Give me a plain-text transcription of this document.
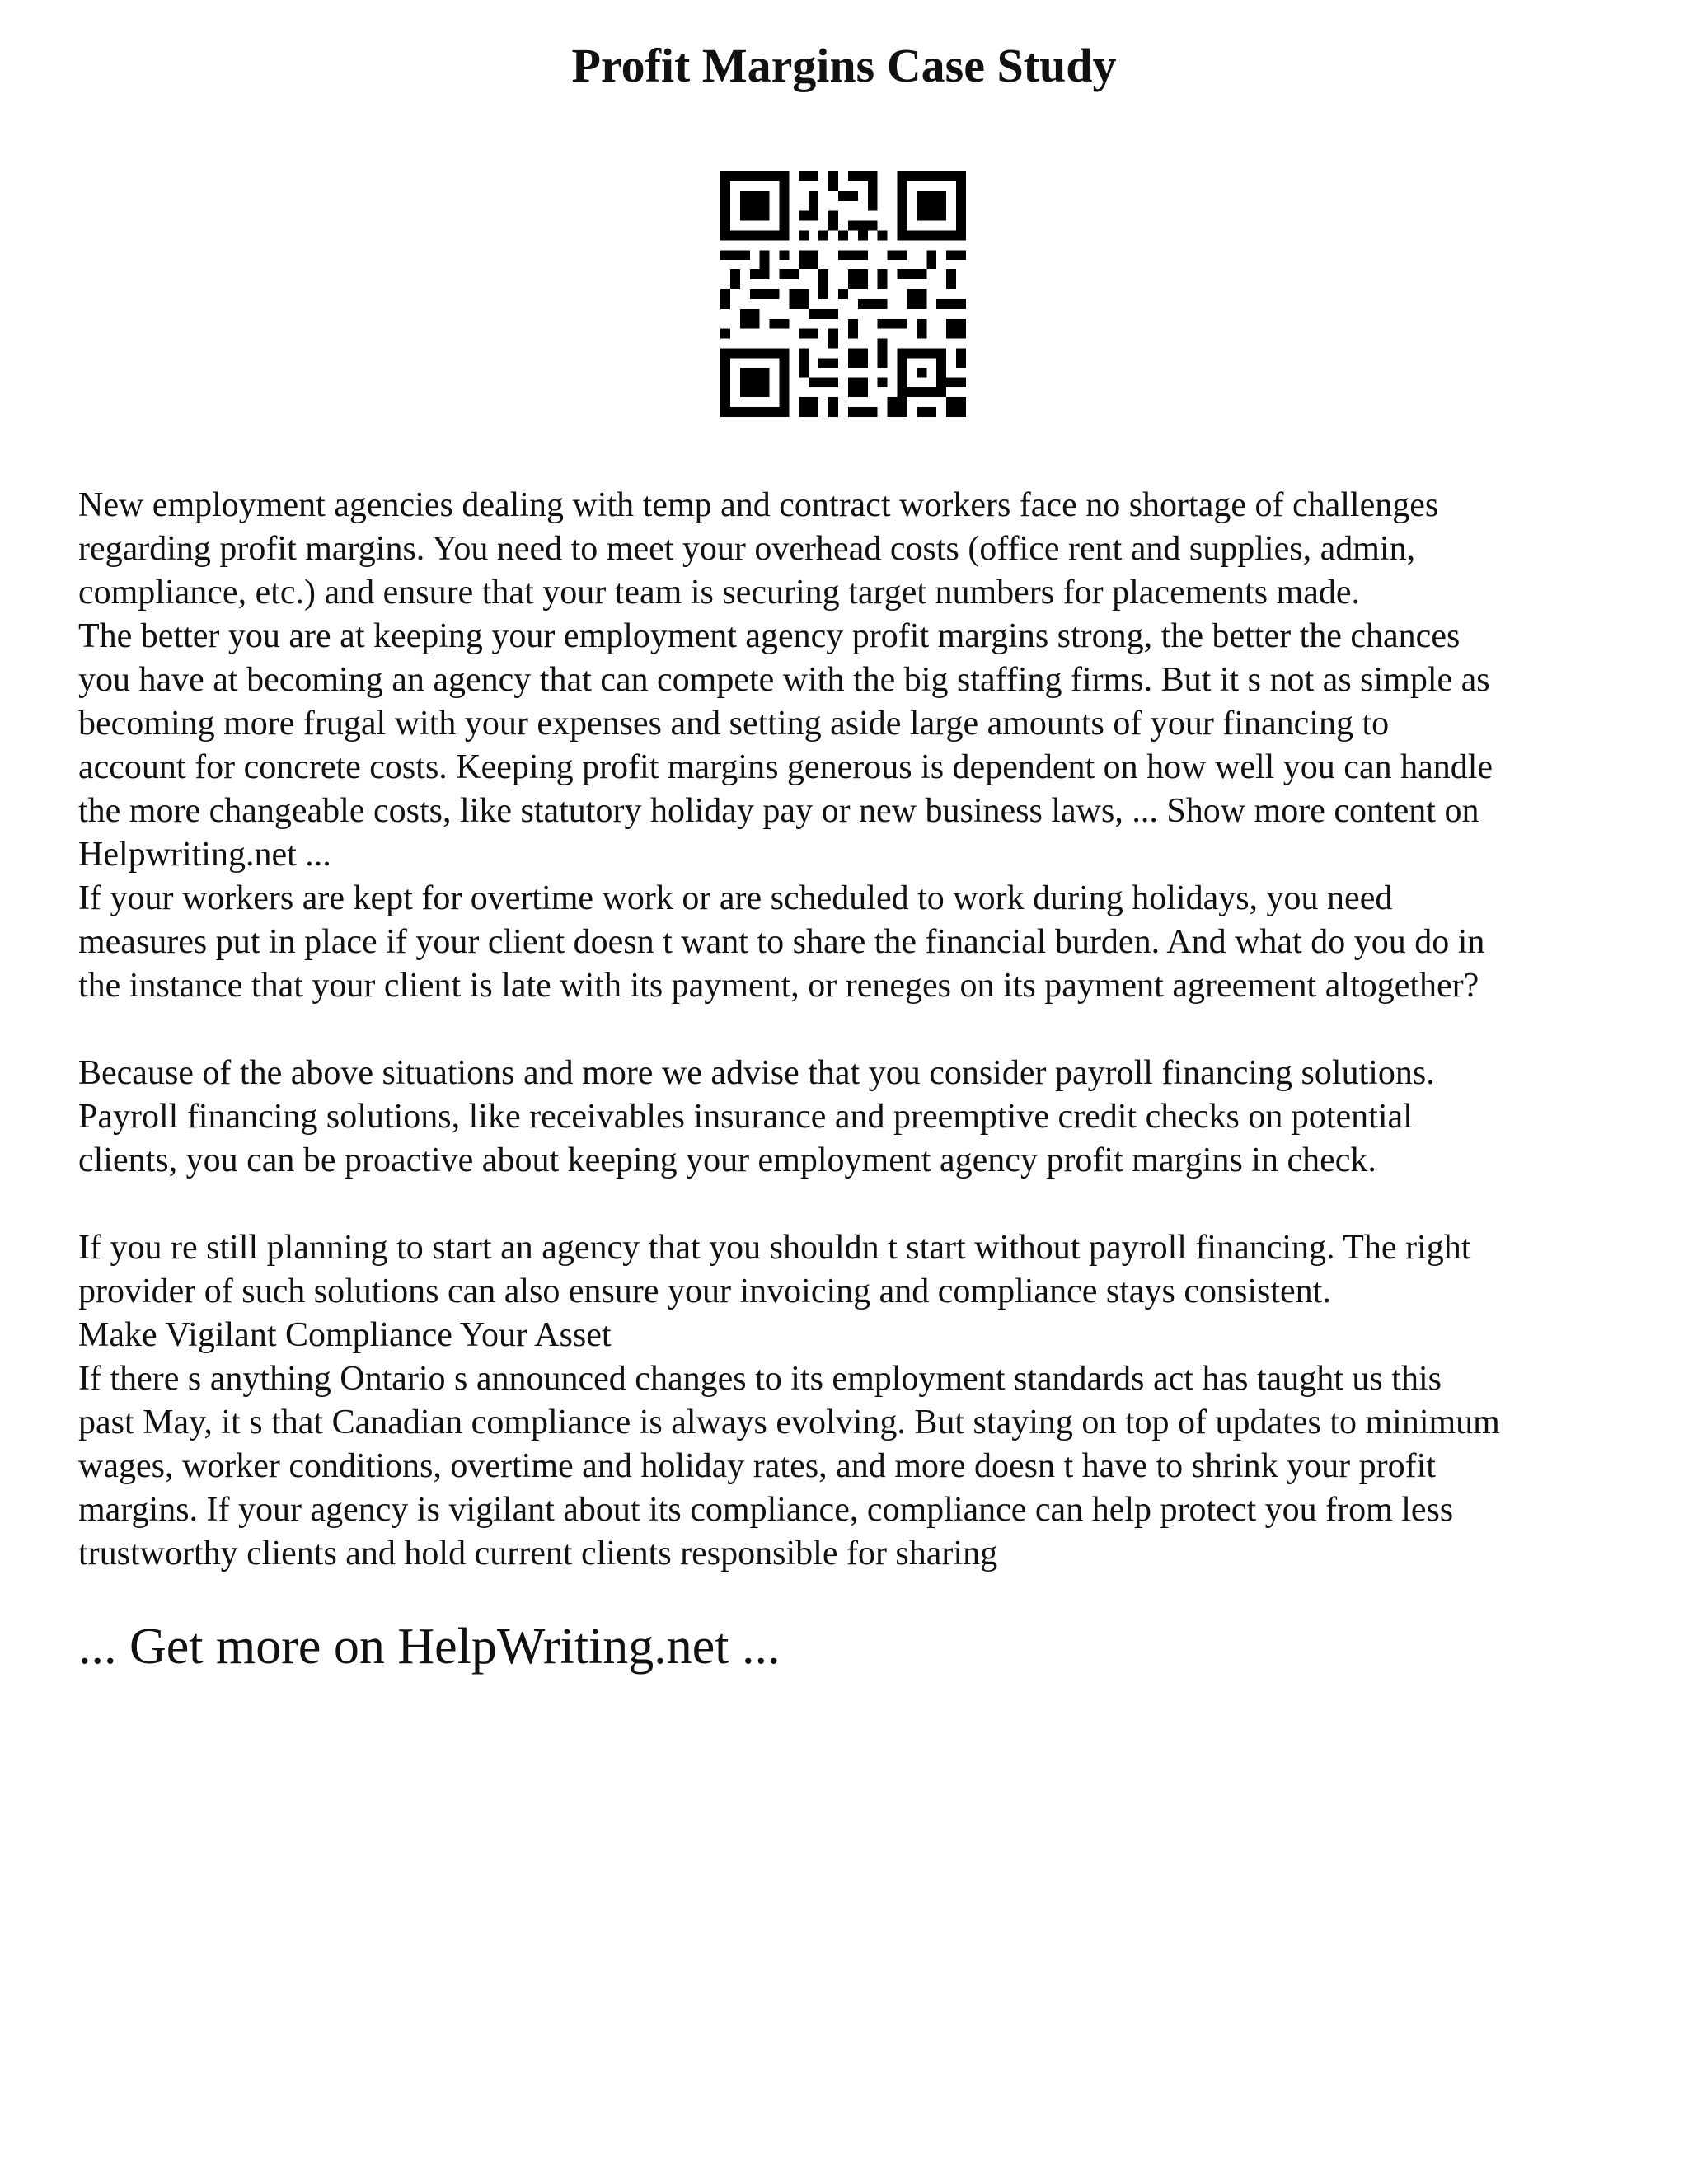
Profit Margins Case Study

New employment agencies dealing with temp and contract workers face no shortage of challenges
regarding profit margins. You need to meet your overhead costs (office rent and supplies, admin,
compliance, etc.) and ensure that your team is securing target numbers for placements made.
The better you are at keeping your employment agency profit margins strong, the better the chances
you have at becoming an agency that can compete with the big staffing firms. But it s not as simple as
becoming more frugal with your expenses and setting aside large amounts of your financing to
account for concrete costs. Keeping profit margins generous is dependent on how well you can handle
the more changeable costs, like statutory holiday pay or new business laws, ... Show more content on
Helpwriting.net ...
If your workers are kept for overtime work or are scheduled to work during holidays, you need
measures put in place if your client doesn t want to share the financial burden. And what do you do in
the instance that your client is late with its payment, or reneges on its payment agreement altogether?

Because of the above situations and more we advise that you consider payroll financing solutions.
Payroll financing solutions, like receivables insurance and preemptive credit checks on potential
clients, you can be proactive about keeping your employment agency profit margins in check.

If you re still planning to start an agency that you shouldn t start without payroll financing. The right
provider of such solutions can also ensure your invoicing and compliance stays consistent.
Make Vigilant Compliance Your Asset
If there s anything Ontario s announced changes to its employment standards act has taught us this
past May, it s that Canadian compliance is always evolving. But staying on top of updates to minimum
wages, worker conditions, overtime and holiday rates, and more doesn t have to shrink your profit
margins. If your agency is vigilant about its compliance, compliance can help protect you from less
trustworthy clients and hold current clients responsible for sharing

... Get more on HelpWriting.net ...
